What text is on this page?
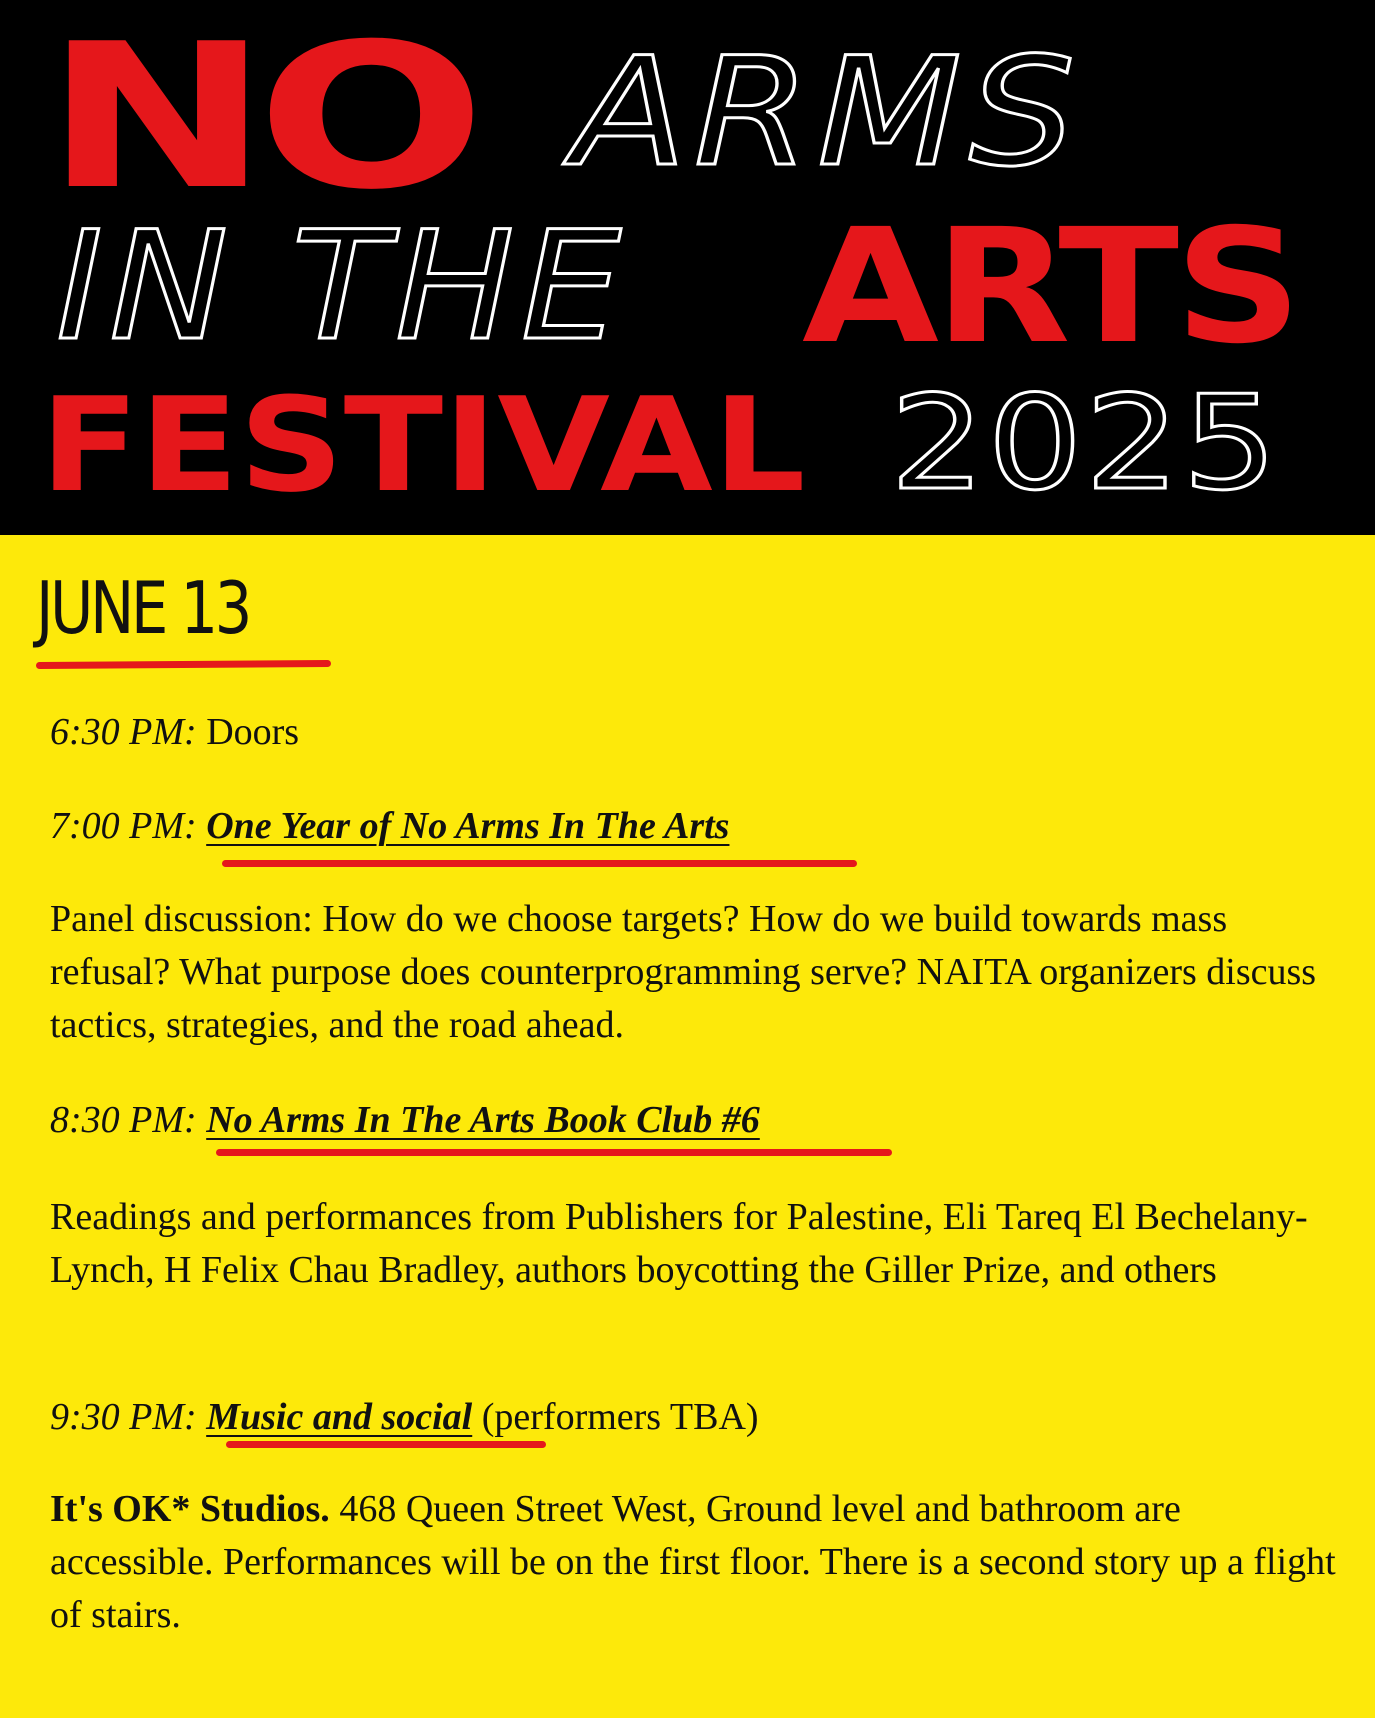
NO ARMS
IN THE ARTS
FESTIVAL 2025
JUNE 13
6:30 PM: Doors
7:00 PM: One Year of No Arms In The Arts
Panel discussion: How do we choose targets? How do we build towards mass refusal? What purpose does counterprogramming serve? NAITA organizers discuss tactics, strategies, and the road ahead.
8:30 PM: No Arms In The Arts Book Club #6
Readings and performances from Publishers for Palestine, Eli Tareq El Bechelany-Lynch, H Felix Chau Bradley, authors boycotting the Giller Prize, and others
9:30 PM: Music and social (performers TBA)
It's OK* Studios. 468 Queen Street West, Ground level and bathroom are accessible. Performances will be on the first floor. There is a second story up a flight of stairs.
